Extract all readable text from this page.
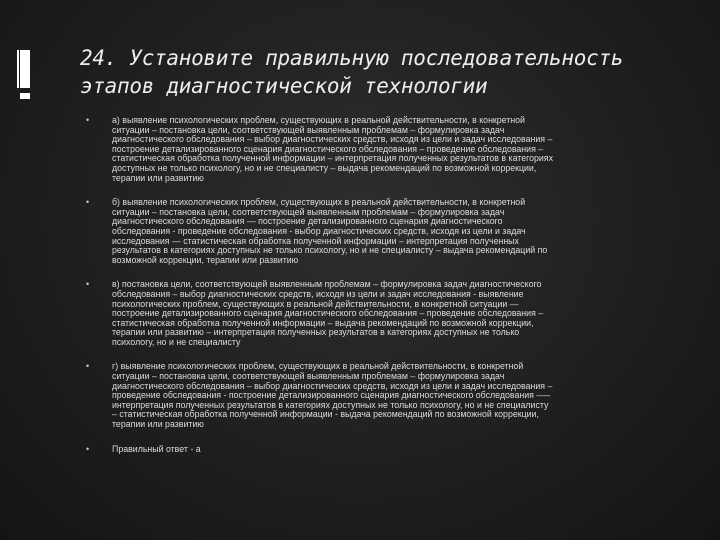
24. Установите правильную последовательность
этапов диагностической технологии
•	а) выявление психологических проблем, существующих в реальной действительности, в конкретной
ситуации – постановка цели, соответствующей выявленным проблемам – формулировка задач
диагностического обследования – выбор диагностических средств, исходя из цели и задач исследования –
построение детализированного сценария диагностического обследования – проведение обследования –
статистическая обработка полученной информации – интерпретация полученных результатов в категориях
доступных не только психологу, но и не специалисту – выдача рекомендаций по возможной коррекции,
терапии или развитию
•	б) выявление психологических проблем, существующих в реальной действительности, в конкретной
ситуации – постановка цели, соответствующей выявленным проблемам – формулировка задач
диагностического обследования — построение детализированного сценария диагностического
обследования ‑ проведение обследования ‑ выбор диагностических средств, исходя из цели и задач
исследования — статистическая обработка полученной информации – интерпретация полученных
результатов в категориях доступных не только психологу, но и не специалисту – выдача рекомендаций по
возможной коррекции, терапии или развитию
•	в) постановка цели, соответствующей выявленным проблемам – формулировка задач диагностического
обследования – выбор диагностических средств, исходя из цели и задач исследования ‑ выявление
психологических проблем, существующих в реальной действительности, в конкретной ситуации —
построение детализированного сценария диагностического обследования – проведение обследования –
статистическая обработка полученной информации – выдача рекомендаций по возможной коррекции,
терапии или развитию – интерпретация полученных результатов в категориях доступных не только
психологу, но и не специалисту
•	г) выявление психологических проблем, существующих в реальной действительности, в конкретной
ситуации – постановка цели, соответствующей выявленным проблемам – формулировка задач
диагностического обследования – выбор диагностических средств, исходя из цели и задач исследования –
проведение обследования ‑ построение детализированного сценария диагностического обследования –—
интерпретация полученных результатов в категориях доступных не только психологу, но и не специалисту
– статистическая обработка полученной информации ‑ выдача рекомендаций по возможной коррекции,
терапии или развитию
•	Правильный ответ - а
